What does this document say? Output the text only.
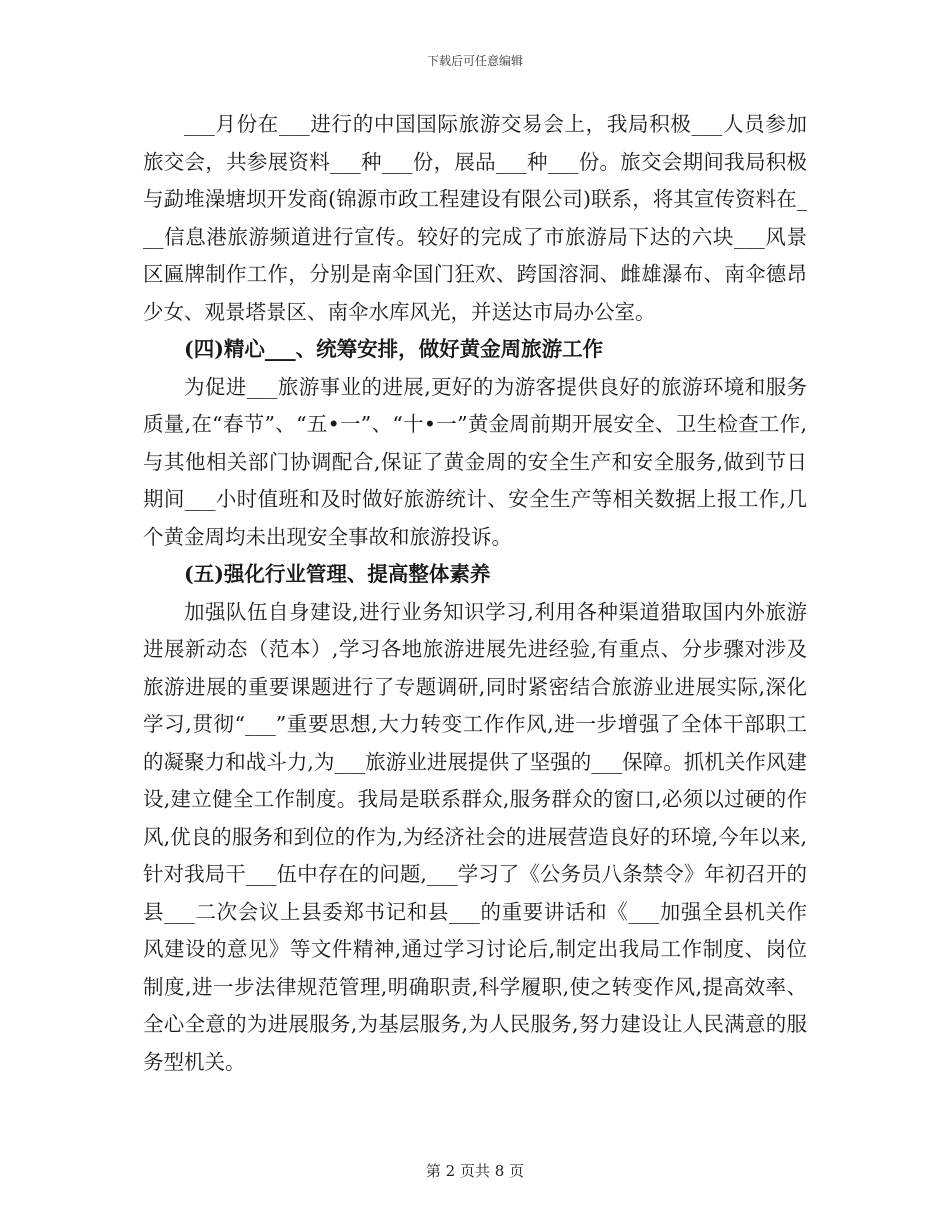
下载后可任意编辑

___月份在___进行的中国国际旅游交易会上，我局积极___人员参加旅交会，共参展资料___种___份，展品___种___份。旅交会期间我局积极与勐堆澡塘坝开发商(锦源市政工程建设有限公司)联系，将其宣传资料在___信息港旅游频道进行宣传。较好的完成了市旅游局下达的六块___风景区匾牌制作工作，分别是南伞国门狂欢、跨国溶洞、雌雄瀑布、南伞德昂少女、观景塔景区、南伞水库风光，并送达市局办公室。

(四)精心___、统筹安排，做好黄金周旅游工作

为促进___旅游事业的进展,更好的为游客提供良好的旅游环境和服务质量,在“春节”、“五•一”、“十•一”黄金周前期开展安全、卫生检查工作,与其他相关部门协调配合,保证了黄金周的安全生产和安全服务,做到节日期间___小时值班和及时做好旅游统计、安全生产等相关数据上报工作,几个黄金周均未出现安全事故和旅游投诉。

(五)强化行业管理、提高整体素养

加强队伍自身建设,进行业务知识学习,利用各种渠道猎取国内外旅游进展新动态（范本）,学习各地旅游进展先进经验,有重点、分步骤对涉及旅游进展的重要课题进行了专题调研,同时紧密结合旅游业进展实际,深化学习,贯彻“___”重要思想,大力转变工作作风,进一步增强了全体干部职工的凝聚力和战斗力,为___旅游业进展提供了坚强的___保障。抓机关作风建设,建立健全工作制度。我局是联系群众,服务群众的窗口,必须以过硬的作风,优良的服务和到位的作为,为经济社会的进展营造良好的环境,今年以来,针对我局干___伍中存在的问题,___学习了《公务员八条禁令》年初召开的县___二次会议上县委郑书记和县___的重要讲话和《___加强全县机关作风建设的意见》等文件精神,通过学习讨论后,制定出我局工作制度、岗位制度,进一步法律规范管理,明确职责,科学履职,使之转变作风,提高效率、全心全意的为进展服务,为基层服务,为人民服务,努力建设让人民满意的服务型机关。

第 2 页共 8 页
